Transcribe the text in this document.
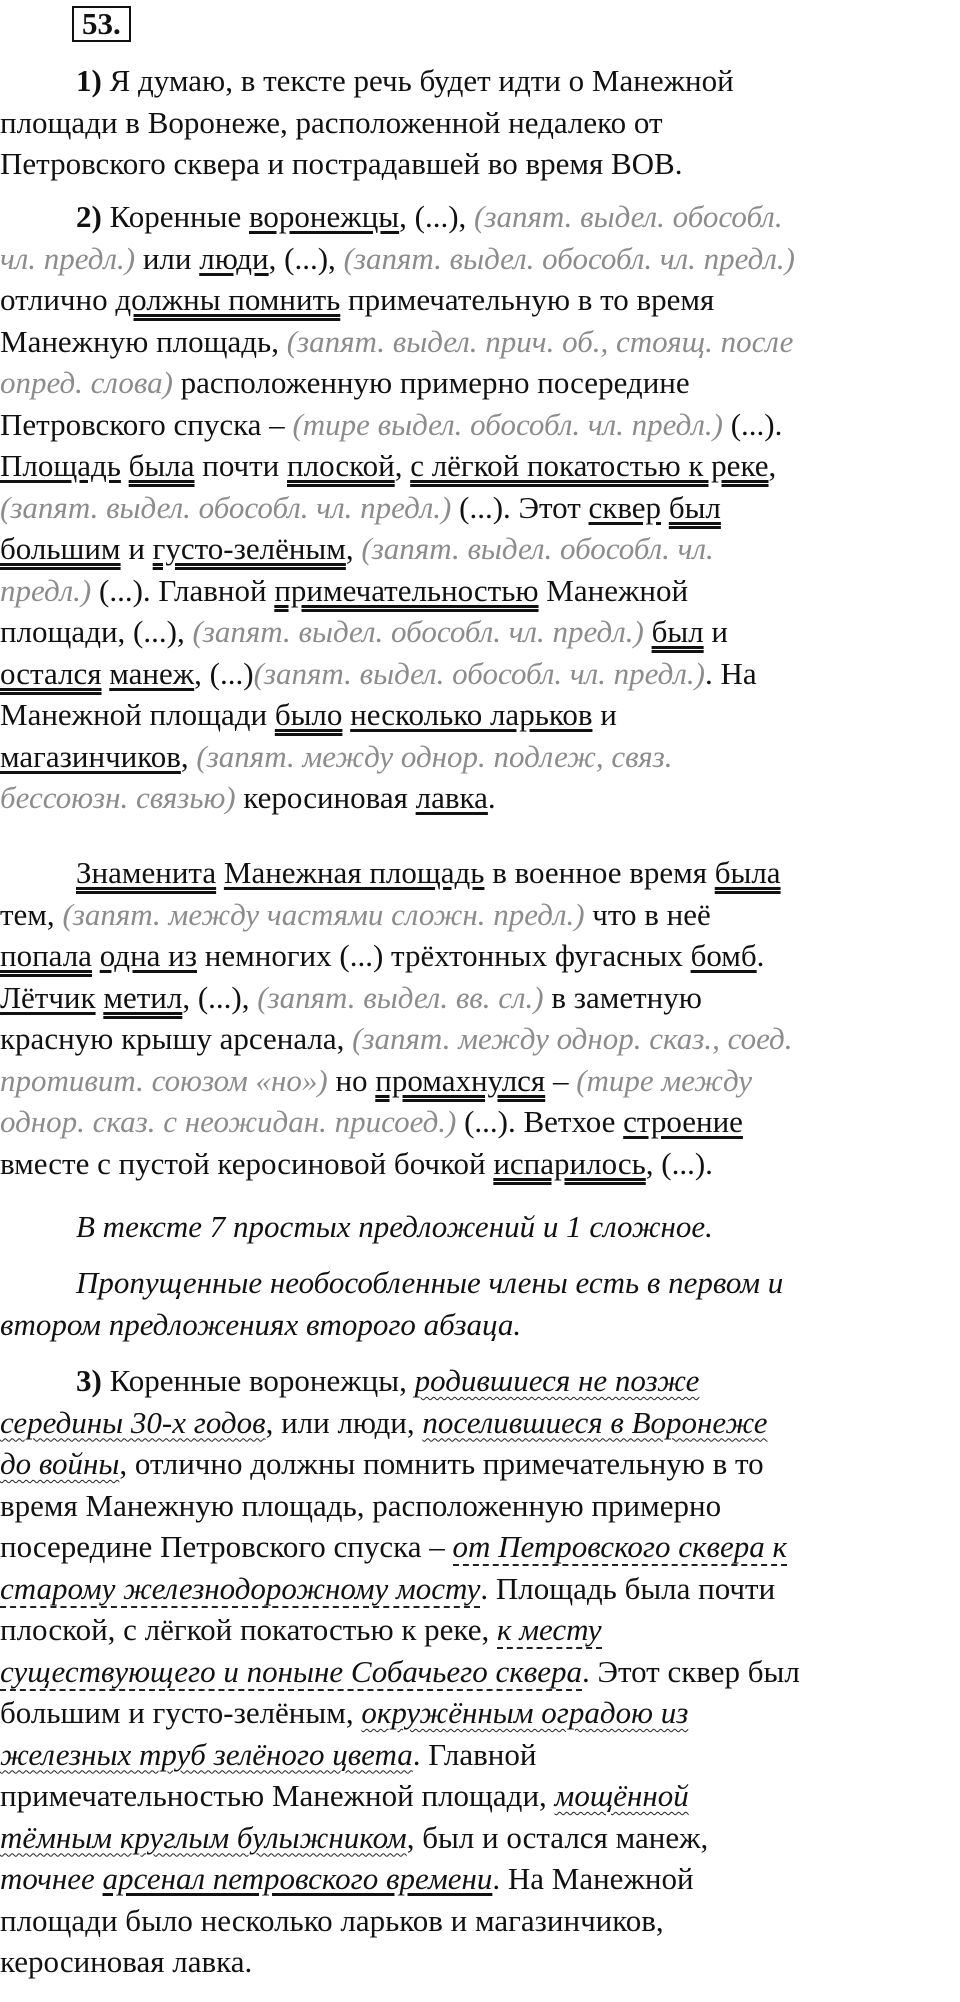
53.
1) Я думаю, в тексте речь будет идти о Манежной
площади в Воронеже, расположенной недалеко от
Петровского сквера и пострадавшей во время ВОВ.
2) Коренные воронежцы, (...), (запят. выдел. обособл.
чл. предл.) или люди, (...), (запят. выдел. обособл. чл. предл.)
отлично должны помнить примечательную в то время
Манежную площадь, (запят. выдел. прич. об., стоящ. после
опред. слова) расположенную примерно посередине
Петровского спуска – (тире выдел. обособл. чл. предл.) (...).
Площадь была почти плоской, с лёгкой покатостью к реке,
(запят. выдел. обособл. чл. предл.) (...). Этот сквер был
большим и густо-зелёным, (запят. выдел. обособл. чл.
предл.) (...). Главной примечательностью Манежной
площади, (...), (запят. выдел. обособл. чл. предл.) был и
остался манеж, (...)(запят. выдел. обособл. чл. предл.). На
Манежной площади было несколько ларьков и
магазинчиков, (запят. между однор. подлеж, связ.
бессоюзн. связью) керосиновая лавка.
Знаменита Манежная площадь в военное время была
тем, (запят. между частями сложн. предл.) что в неё
попала одна из немногих (...) трёхтонных фугасных бомб.
Лётчик метил, (...), (запят. выдел. вв. сл.) в заметную
красную крышу арсенала, (запят. между однор. сказ., соед.
противит. союзом «но») но промахнулся – (тире между
однор. сказ. с неожидан. присоед.) (...). Ветхое строение
вместе с пустой керосиновой бочкой испарилось, (...).
В тексте 7 простых предложений и 1 сложное.
Пропущенные необособленные члены есть в первом и
втором предложениях второго абзаца.
3) Коренные воронежцы, родившиеся не позже
середины 30-х годов, или люди, поселившиеся в Воронеже
до войны, отлично должны помнить примечательную в то
время Манежную площадь, расположенную примерно
посередине Петровского спуска – от Петровского сквера к
старому железнодорожному мосту. Площадь была почти
плоской, с лёгкой покатостью к реке, к месту
существующего и поныне Собачьего сквера. Этот сквер был
большим и густо-зелёным, окружённым оградою из
железных труб зелёного цвета. Главной
примечательностью Манежной площади, мощённой
тёмным круглым булыжником, был и остался манеж,
точнее арсенал петровского времени. На Манежной
площади было несколько ларьков и магазинчиков,
керосиновая лавка.
